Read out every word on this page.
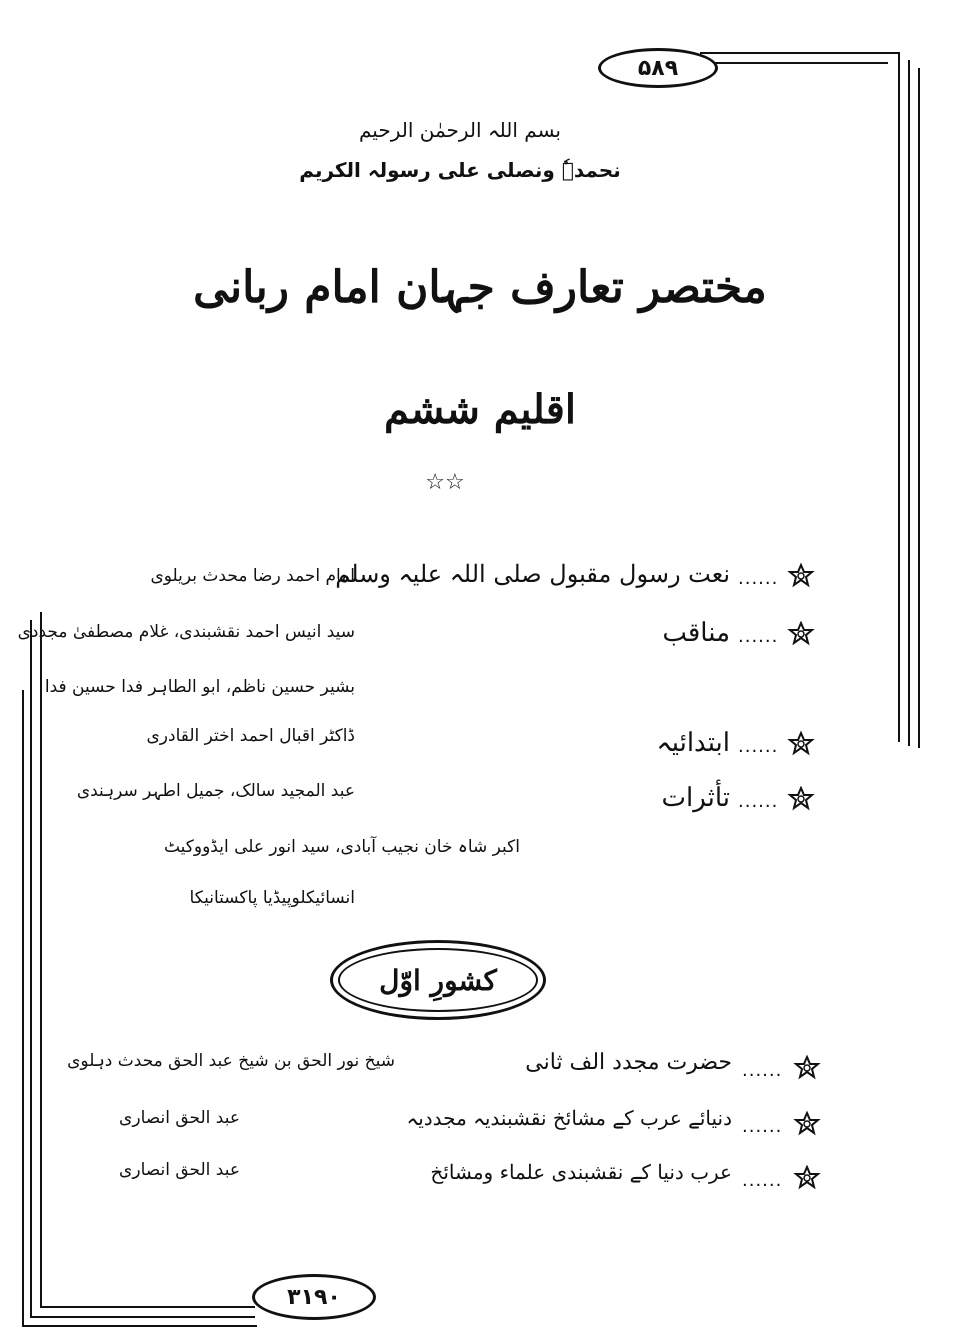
۵۸۹
۳۱۹۰
بسم اللہ الرحمٰن الرحیم
نحمدہٗ ونصلی علی رسولہ الکریم
مختصر تعارف جہان امام ربانی
اقلیم ششم
☆☆
......
نعت رسول مقبول صلی اللہ علیہ وسلم
امام احمد رضا محدث بریلوی
......
مناقب
سید انیس احمد نقشبندی، غلام مصطفیٰ مجددی
بشیر حسین ناظم، ابو الطاہر فدا حسین فدا
......
ابتدائیہ
ڈاکٹر اقبال احمد اختر القادری
......
تأثرات
عبد المجید سالک، جمیل اطہر سرہندی
اکبر شاہ خان نجیب آبادی، سید انور علی ایڈووکیٹ
انسائیکلوپیڈیا پاکستانیکا
کشورِ اوّل
......
حضرت مجدد الف ثانی
شیخ نور الحق بن شیخ عبد الحق محدث دہلوی
......
دنیائے عرب کے مشائخ نقشبندیہ مجددیہ
عبد الحق انصاری
......
عرب دنیا کے نقشبندی علماء ومشائخ
عبد الحق انصاری
